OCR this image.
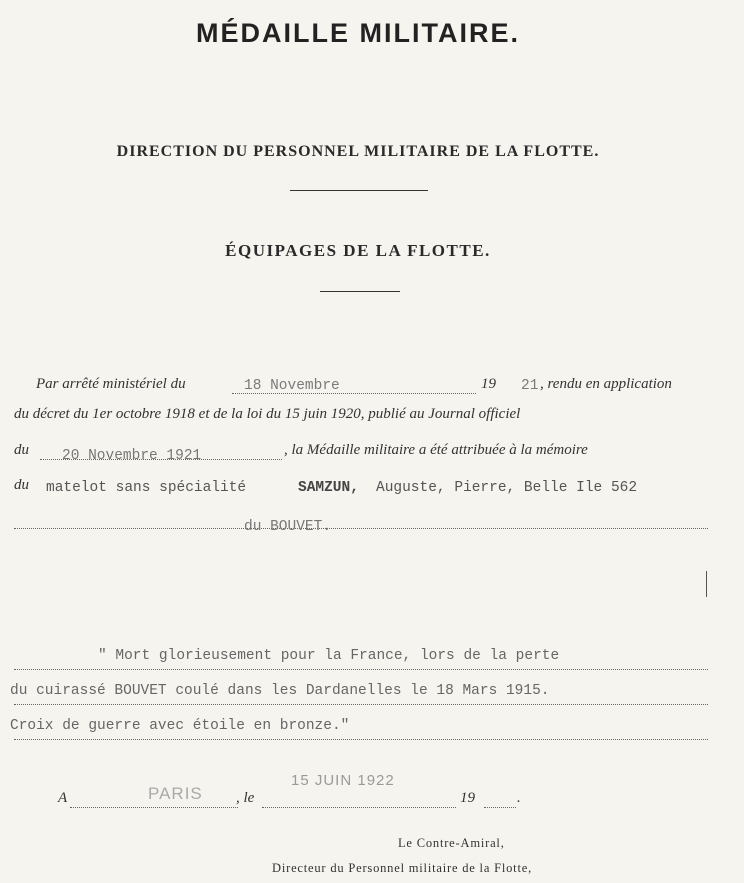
MÉDAILLE MILITAIRE.
DIRECTION DU PERSONNEL MILITAIRE DE LA FLOTTE.
ÉQUIPAGES DE LA FLOTTE.
Par arrêté ministériel du	18 Novembre	19 21 , rendu en application
du décret du 1er octobre 1918 et de la loi du 15 juin 1920, publié au Journal officiel
du 20 Novembre 1921	, la Médaille militaire a été attribuée à la mémoire
du matelot sans spécialité	SAMZUN, Auguste, Pierre, Belle Ile 562
du BOUVET.
" Mort glorieusement pour la France, lors de la perte
du cuirassé BOUVET coulé dans les Dardanelles le 18 Mars 1915.
Croix de guerre avec étoile en bronze."
A	PARIS , le
15 JUIN 1922
19	.
Le Contre-Amiral,
Directeur du Personnel militaire de la Flotte,
